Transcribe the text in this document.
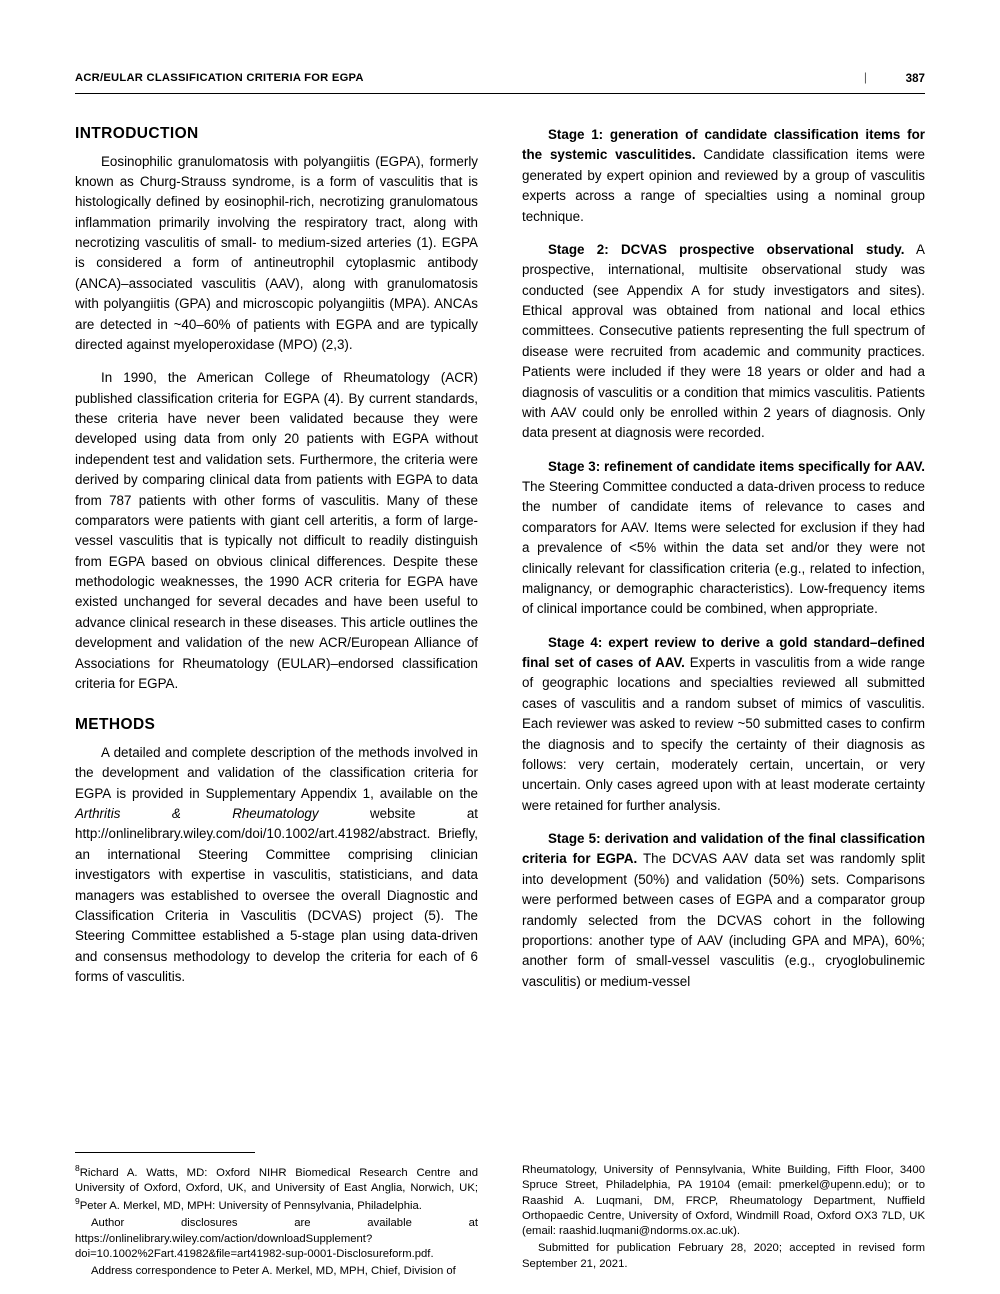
ACR/EULAR CLASSIFICATION CRITERIA FOR EGPA	|	387
INTRODUCTION

Eosinophilic granulomatosis with polyangiitis (EGPA), formerly known as Churg-Strauss syndrome, is a form of vasculitis that is histologically defined by eosinophil-rich, necrotizing granulomatous inflammation primarily involving the respiratory tract, along with necrotizing vasculitis of small- to medium-sized arteries (1). EGPA is considered a form of antineutrophil cytoplasmic antibody (ANCA)–associated vasculitis (AAV), along with granulomatosis with polyangiitis (GPA) and microscopic polyangiitis (MPA). ANCAs are detected in ~40–60% of patients with EGPA and are typically directed against myeloperoxidase (MPO) (2,3).

In 1990, the American College of Rheumatology (ACR) published classification criteria for EGPA (4). By current standards, these criteria have never been validated because they were developed using data from only 20 patients with EGPA without independent test and validation sets. Furthermore, the criteria were derived by comparing clinical data from patients with EGPA to data from 787 patients with other forms of vasculitis. Many of these comparators were patients with giant cell arteritis, a form of large-vessel vasculitis that is typically not difficult to readily distinguish from EGPA based on obvious clinical differences. Despite these methodologic weaknesses, the 1990 ACR criteria for EGPA have existed unchanged for several decades and have been useful to advance clinical research in these diseases. This article outlines the development and validation of the new ACR/European Alliance of Associations for Rheumatology (EULAR)–endorsed classification criteria for EGPA.

METHODS

A detailed and complete description of the methods involved in the development and validation of the classification criteria for EGPA is provided in Supplementary Appendix 1, available on the Arthritis & Rheumatology website at http://onlinelibrary.wiley.com/doi/10.1002/art.41982/abstract. Briefly, an international Steering Committee comprising clinician investigators with expertise in vasculitis, statisticians, and data managers was established to oversee the overall Diagnostic and Classification Criteria in Vasculitis (DCVAS) project (5). The Steering Committee established a 5-stage plan using data-driven and consensus methodology to develop the criteria for each of 6 forms of vasculitis.

Stage 1: generation of candidate classification items for the systemic vasculitides. Candidate classification items were generated by expert opinion and reviewed by a group of vasculitis experts across a range of specialties using a nominal group technique.

Stage 2: DCVAS prospective observational study. A prospective, international, multisite observational study was conducted (see Appendix A for study investigators and sites). Ethical approval was obtained from national and local ethics committees. Consecutive patients representing the full spectrum of disease were recruited from academic and community practices. Patients were included if they were 18 years or older and had a diagnosis of vasculitis or a condition that mimics vasculitis. Patients with AAV could only be enrolled within 2 years of diagnosis. Only data present at diagnosis were recorded.

Stage 3: refinement of candidate items specifically for AAV. The Steering Committee conducted a data-driven process to reduce the number of candidate items of relevance to cases and comparators for AAV. Items were selected for exclusion if they had a prevalence of <5% within the data set and/or they were not clinically relevant for classification criteria (e.g., related to infection, malignancy, or demographic characteristics). Low-frequency items of clinical importance could be combined, when appropriate.

Stage 4: expert review to derive a gold standard–defined final set of cases of AAV. Experts in vasculitis from a wide range of geographic locations and specialties reviewed all submitted cases of vasculitis and a random subset of mimics of vasculitis. Each reviewer was asked to review ~50 submitted cases to confirm the diagnosis and to specify the certainty of their diagnosis as follows: very certain, moderately certain, uncertain, or very uncertain. Only cases agreed upon with at least moderate certainty were retained for further analysis.

Stage 5: derivation and validation of the final classification criteria for EGPA. The DCVAS AAV data set was randomly split into development (50%) and validation (50%) sets. Comparisons were performed between cases of EGPA and a comparator group randomly selected from the DCVAS cohort in the following proportions: another type of AAV (including GPA and MPA), 60%; another form of small-vessel vasculitis (e.g., cryoglobulinemic vasculitis) or medium-vessel

$^8$Richard A. Watts, MD: Oxford NIHR Biomedical Research Centre and University of Oxford, Oxford, UK, and University of East Anglia, Norwich, UK; $^9$Peter A. Merkel, MD, MPH: University of Pennsylvania, Philadelphia.

Author disclosures are available at https://onlinelibrary.wiley.com/action/downloadSupplement?doi=10.1002%2Fart.41982&file=art41982-sup-0001-Disclosureform.pdf.

Address correspondence to Peter A. Merkel, MD, MPH, Chief, Division of

Rheumatology, University of Pennsylvania, White Building, Fifth Floor, 3400 Spruce Street, Philadelphia, PA 19104 (email: pmerkel@upenn.edu); or to Raashid A. Luqmani, DM, FRCP, Rheumatology Department, Nuffield Orthopaedic Centre, University of Oxford, Windmill Road, Oxford OX3 7LD, UK (email: raashid.luqmani@ndorms.ox.ac.uk).

Submitted for publication February 28, 2020; accepted in revised form September 21, 2021.
